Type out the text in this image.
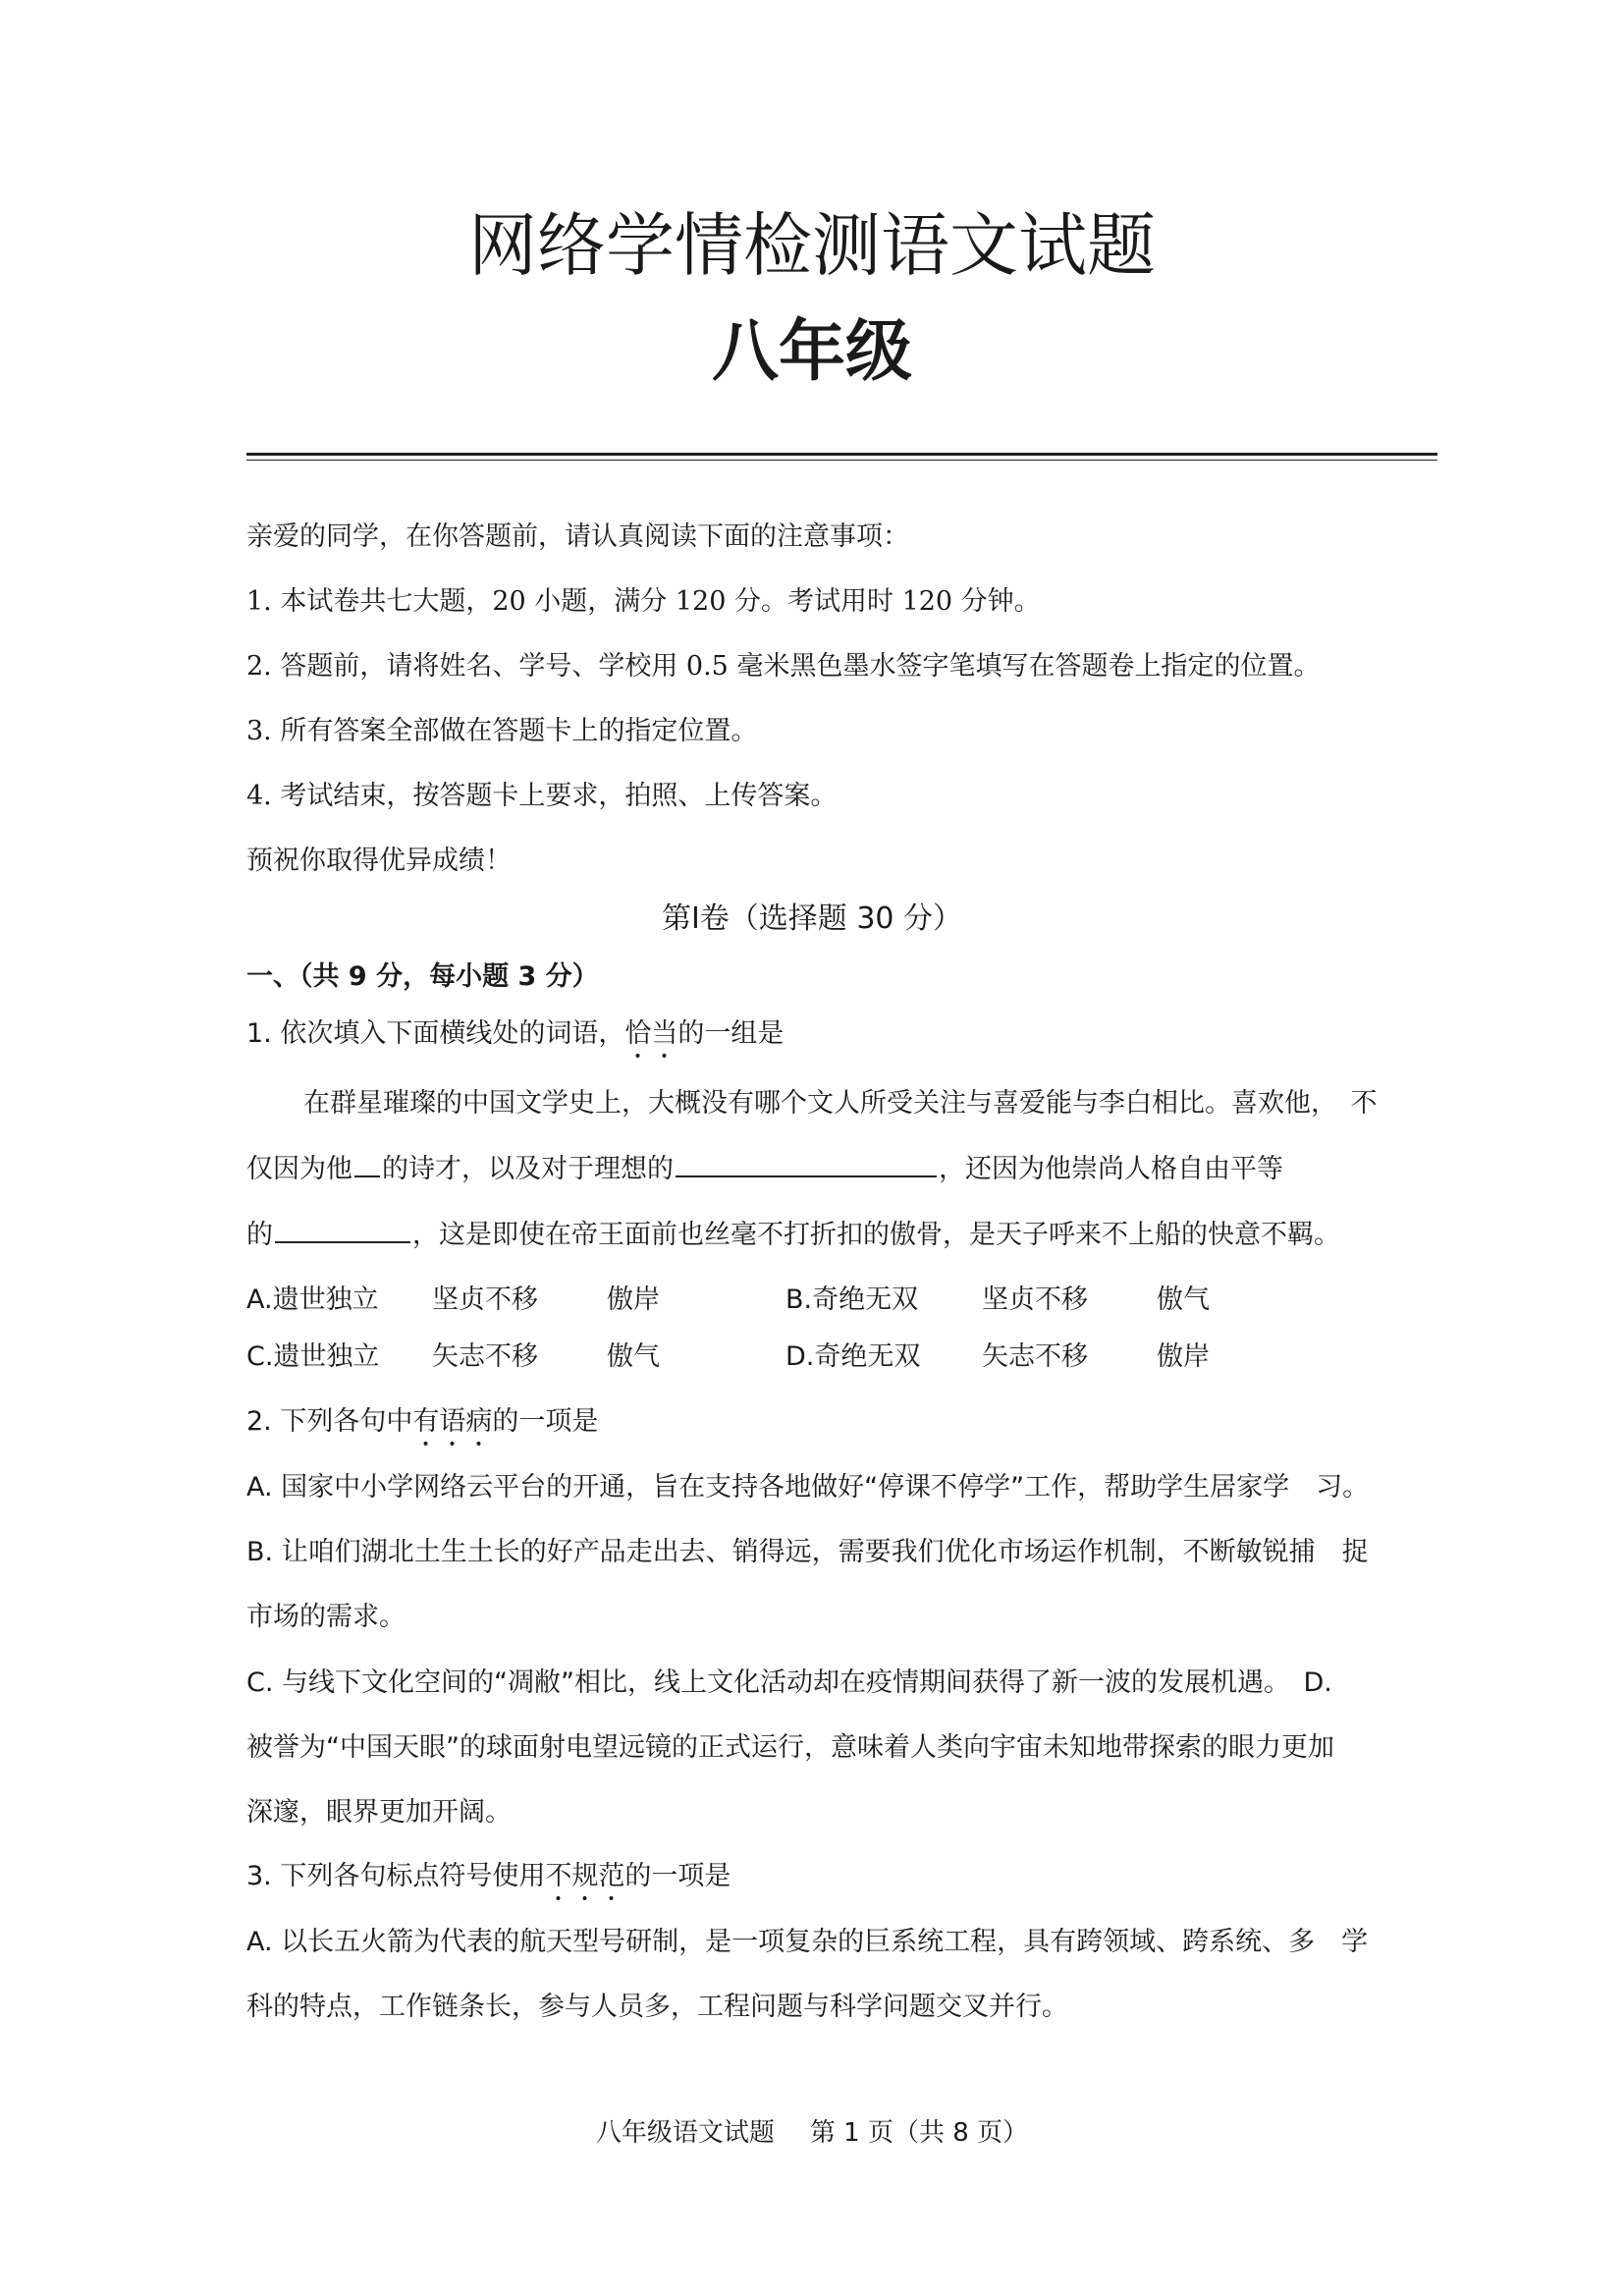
网络学情检测语文试题
八年级
亲爱的同学，在你答题前，请认真阅读下面的注意事项：
1. 本试卷共七大题，20 小题，满分 120 分。考试用时 120 分钟。
2. 答题前，请将姓名、学号、学校用 0.5 毫米黑色墨水签字笔填写在答题卷上指定的位置。
3. 所有答案全部做在答题卡上的指定位置。
4. 考试结束，按答题卡上要求，拍照、上传答案。
预祝你取得优异成绩！
第Ⅰ卷（选择题 30 分）
一、（共 9 分，每小题 3 分）
1. 依次填入下面横线处的词语，恰当的一组是
在群星璀璨的中国文学史上，大概没有哪个文人所受关注与喜爱能与李白相比。喜欢他，　不
仅因为他 的诗才，以及对于理想的	，还因为他崇尚人格自由平等
的	，这是即使在帝王面前也丝毫不打折扣的傲骨，是天子呼来不上船的快意不羁。
A.遗世独立 坚贞不移	傲岸	B.奇绝无双 坚贞不移	傲气
C.遗世独立 矢志不移	傲气	D.奇绝无双 矢志不移	傲岸
2. 下列各句中有语病的一项是
A. 国家中小学网络云平台的开通，旨在支持各地做好“停课不停学”工作，帮助学生居家学　习。
B. 让咱们湖北土生土长的好产品走出去、销得远，需要我们优化市场运作机制，不断敏锐捕　捉
市场的需求。
C. 与线下文化空间的“凋敝”相比，线上文化活动却在疫情期间获得了新一波的发展机遇。　D.
被誉为“中国天眼”的球面射电望远镜的正式运行，意味着人类向宇宙未知地带探索的眼力更加
深邃，眼界更加开阔。
3. 下列各句标点符号使用不规范的一项是
A. 以长五火箭为代表的航天型号研制，是一项复杂的巨系统工程，具有跨领域、跨系统、多　学
科的特点，工作链条长，参与人员多，工程问题与科学问题交叉并行。
八年级语文试题 第 1 页（共 8 页）
